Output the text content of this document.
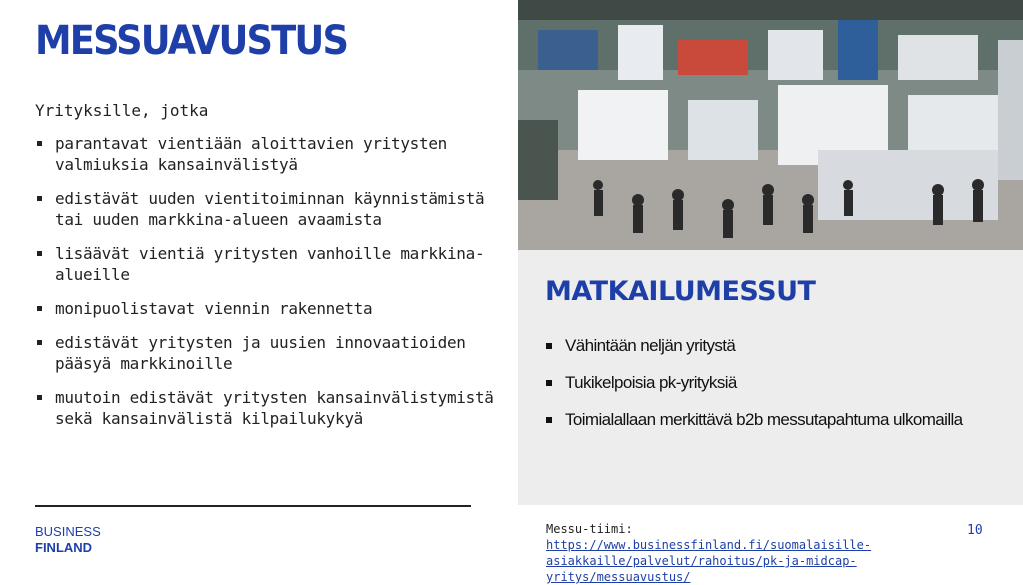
MESSUAVUSTUS
Yrityksille, jotka
parantavat vientiään aloittavien yritysten valmiuksia kansainvälistyä
edistävät uuden vientitoiminnan käynnistämistä tai uuden markkina-alueen avaamista
lisäävät vientiä yritysten vanhoille markkina-alueille
monipuolistavat viennin rakennetta
edistävät yritysten ja uusien innovaatioiden pääsyä markkinoille
muutoin edistävät yritysten kansainvälistymistä sekä kansainvälistä kilpailukykyä
BUSINESS
FINLAND
MATKAILUMESSUT
Vähintään neljän yritystä
Tukikelpoisia pk-yrityksiä
Toimialallaan merkittävä b2b messutapahtuma ulkomailla
Messu-tiimi: https://www.businessfinland.fi/suomalaisille-
asiakkaille/palvelut/rahoitus/pk-ja-midcap-yritys/messuavustus/
10
